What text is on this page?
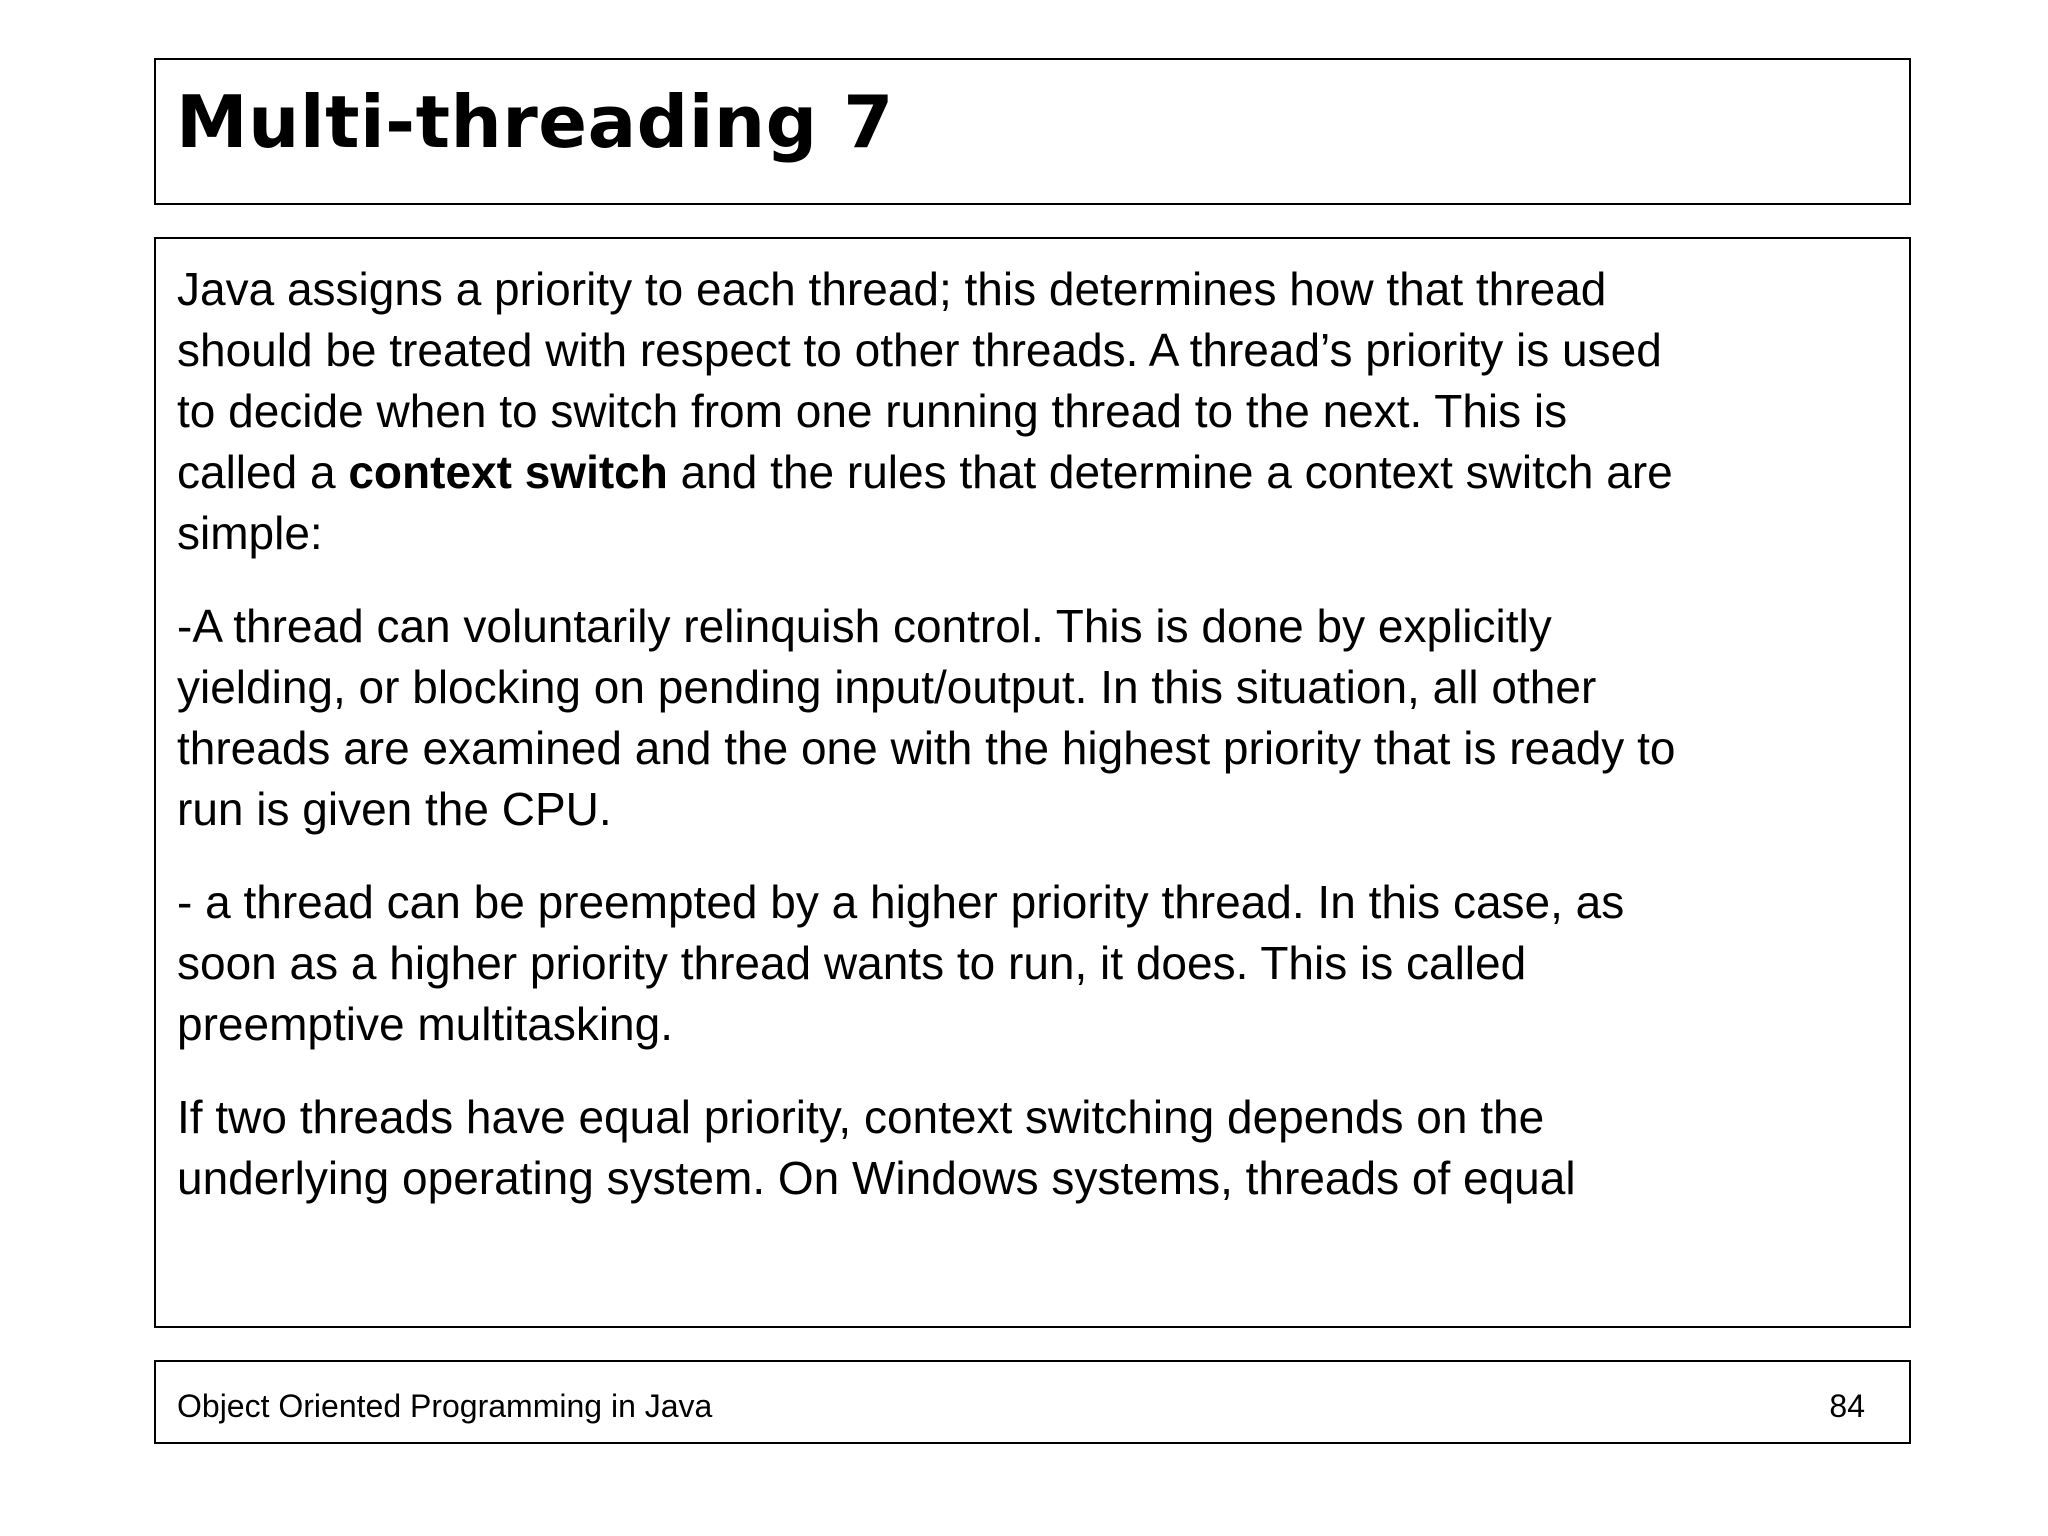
Multi-threading 7
Java assigns a priority to each thread; this determines how that thread
should be treated with respect to other threads. A thread’s priority is used
to decide when to switch from one running thread to the next. This is
called a context switch and the rules that determine a context switch are
simple:
-A thread can voluntarily relinquish control. This is done by explicitly
yielding, or blocking on pending input/output. In this situation, all other
threads are examined and the one with the highest priority that is ready to
run is given the CPU.
- a thread can be preempted by a higher priority thread. In this case, as
soon as a higher priority thread wants to run, it does. This is called
preemptive multitasking.
If two threads have equal priority, context switching depends on the
underlying operating system. On Windows systems, threads of equal
Object Oriented Programming in Java	84
